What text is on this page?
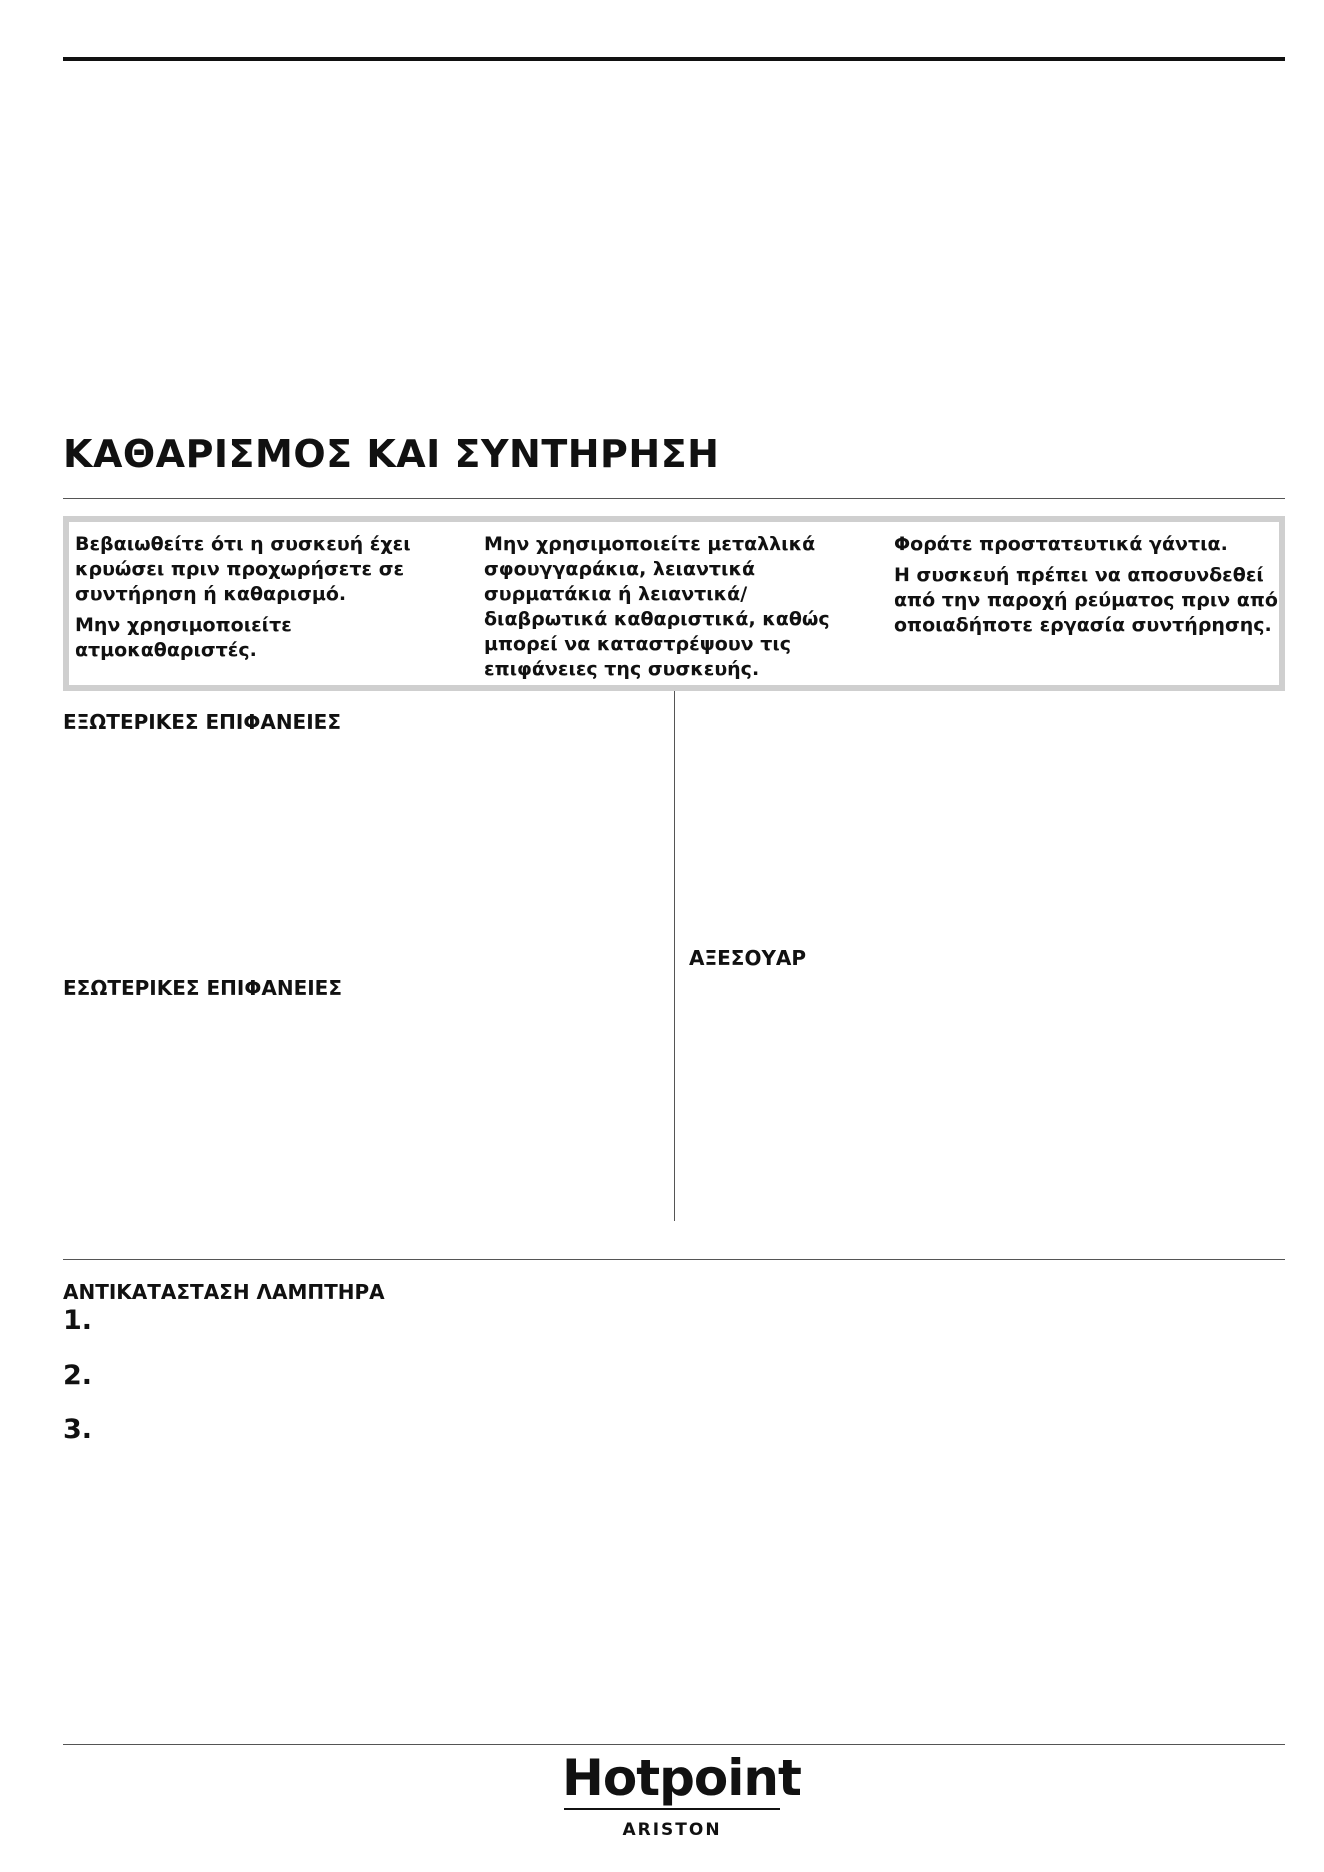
ΚΑΘΑΡΙΣΜΟΣ ΚΑΙ ΣΥΝΤΗΡΗΣΗ

Βεβαιωθείτε ότι η συσκευή έχει κρυώσει πριν προχωρήσετε σε συντήρηση ή καθαρισμό.

Μην χρησιμοποιείτε ατμοκαθαριστές.

Μην χρησιμοποιείτε μεταλλικά σφουγγαράκια, λειαντικά συρματάκια ή λειαντικά/ διαβρωτικά καθαριστικά, καθώς μπορεί να καταστρέψουν τις επιφάνειες της συσκευής.

Φοράτε προστατευτικά γάντια.

Η συσκευή πρέπει να αποσυνδεθεί από την παροχή ρεύματος πριν από οποιαδήποτε εργασία συντήρησης.

ΕΞΩΤΕΡΙΚΕΣ ΕΠΙΦΑΝΕΙΕΣ
ΕΣΩΤΕΡΙΚΕΣ ΕΠΙΦΑΝΕΙΕΣ
ΑΞΕΣΟΥΑΡ
ΑΝΤΙΚΑΤΑΣΤΑΣΗ ΛΑΜΠΤΗΡΑ
1.
2.
3.
Hotpoint
ARISTON
